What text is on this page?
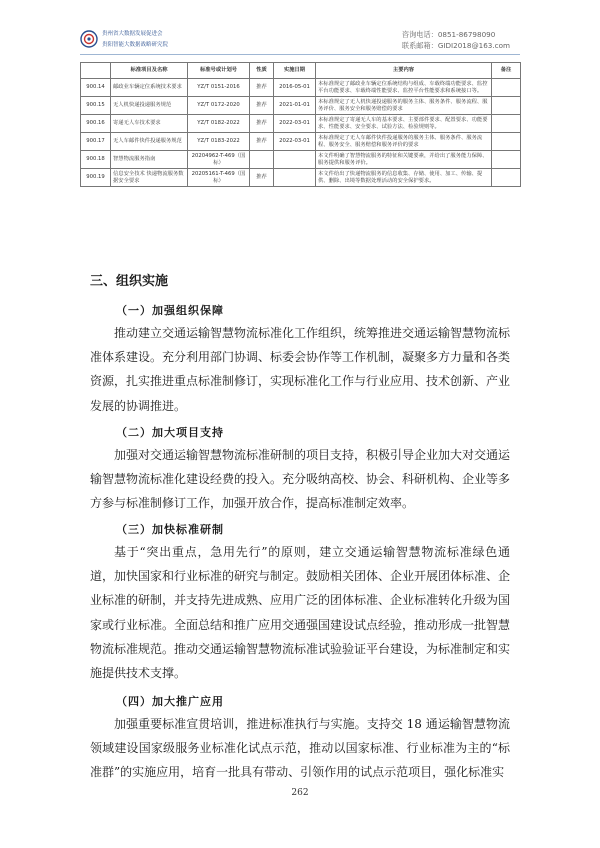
贵州省大数据发展促进会
贵阳智能大数据战略研究院
咨询电话：0851-86798090
联系邮箱：GIDI2018@163.com
	标准项目及名称	标准号或计划号	性质	实施日期	主要内容	备注
900.14	邮政业车辆定位系统技术要求	YZ/T 0151-2016	推荐	2016-05-01	本标准规定了邮政业车辆定位系统结构与组成、车载终端功能要求、监控平台功能要求、车载终端性能要求、监控平台性能要求和系统接口等。	
900.15	无人机快递投递服务规范	YZ/T 0172-2020	推荐	2021-01-01	本标准规定了无人机快递投递服务的服务主体、服务条件、服务流程、服务评价、服务安全和服务赔偿的要求	
900.16	寄递无人车技术要求	YZ/T 0182-2022	推荐	2022-03-01	本标准规定了寄递无人车的基本要求、主要部件要求、配置要求、功能要求、性能要求、安全要求、试验方法、检验规则等。	
900.17	无人车邮件快件投递服务规范	YZ/T 0183-2022	推荐	2022-03-01	本标准规定了无人车邮件快件投递服务的服务主体、服务条件、服务流程、服务安全、服务赔偿和服务评价的要求	
900.18	智慧物流服务指南	20204962-T-469（国标）			本文件明确了智慧物流服务的特征和关键要素，并给出了服务能力保障、服务提供和服务评价。	
900.19	信息安全技术 快递物流服务数据安全要求	20205161-T-469（国标）	推荐		本文件给出了快递物流服务的信息收集、存储、使用、加工、传输、提供、删除、出境等数据处理活动的安全保护要求。	
三、组织实施
（一）加强组织保障

推动建立交通运输智慧物流标准化工作组织，统筹推进交通运输智慧物流标准体系建设。充分利用部门协调、标委会协作等工作机制，凝聚多方力量和各类资源，扎实推进重点标准制修订，实现标准化工作与行业应用、技术创新、产业发展的协调推进。

（二）加大项目支持

加强对交通运输智慧物流标准研制的项目支持，积极引导企业加大对交通运输智慧物流标准化建设经费的投入。充分吸纳高校、协会、科研机构、企业等多方参与标准制修订工作，加强开放合作，提高标准制定效率。

（三）加快标准研制

基于“突出重点，急用先行”的原则，建立交通运输智慧物流标准绿色通道，加快国家和行业标准的研究与制定。鼓励相关团体、企业开展团体标准、企业标准的研制，并支持先进成熟、应用广泛的团体标准、企业标准转化升级为国家或行业标准。全面总结和推广应用交通强国建设试点经验，推动形成一批智慧物流标准规范。推动交通运输智慧物流标准试验验证平台建设，为标准制定和实施提供技术支撑。

（四）加大推广应用

加强重要标准宣贯培训，推进标准执行与实施。支持交 18 通运输智慧物流领域建设国家级服务业标准化试点示范，推动以国家标准、行业标准为主的“标准群”的实施应用，培育一批具有带动、引领作用的试点示范项目，强化标准实

262
